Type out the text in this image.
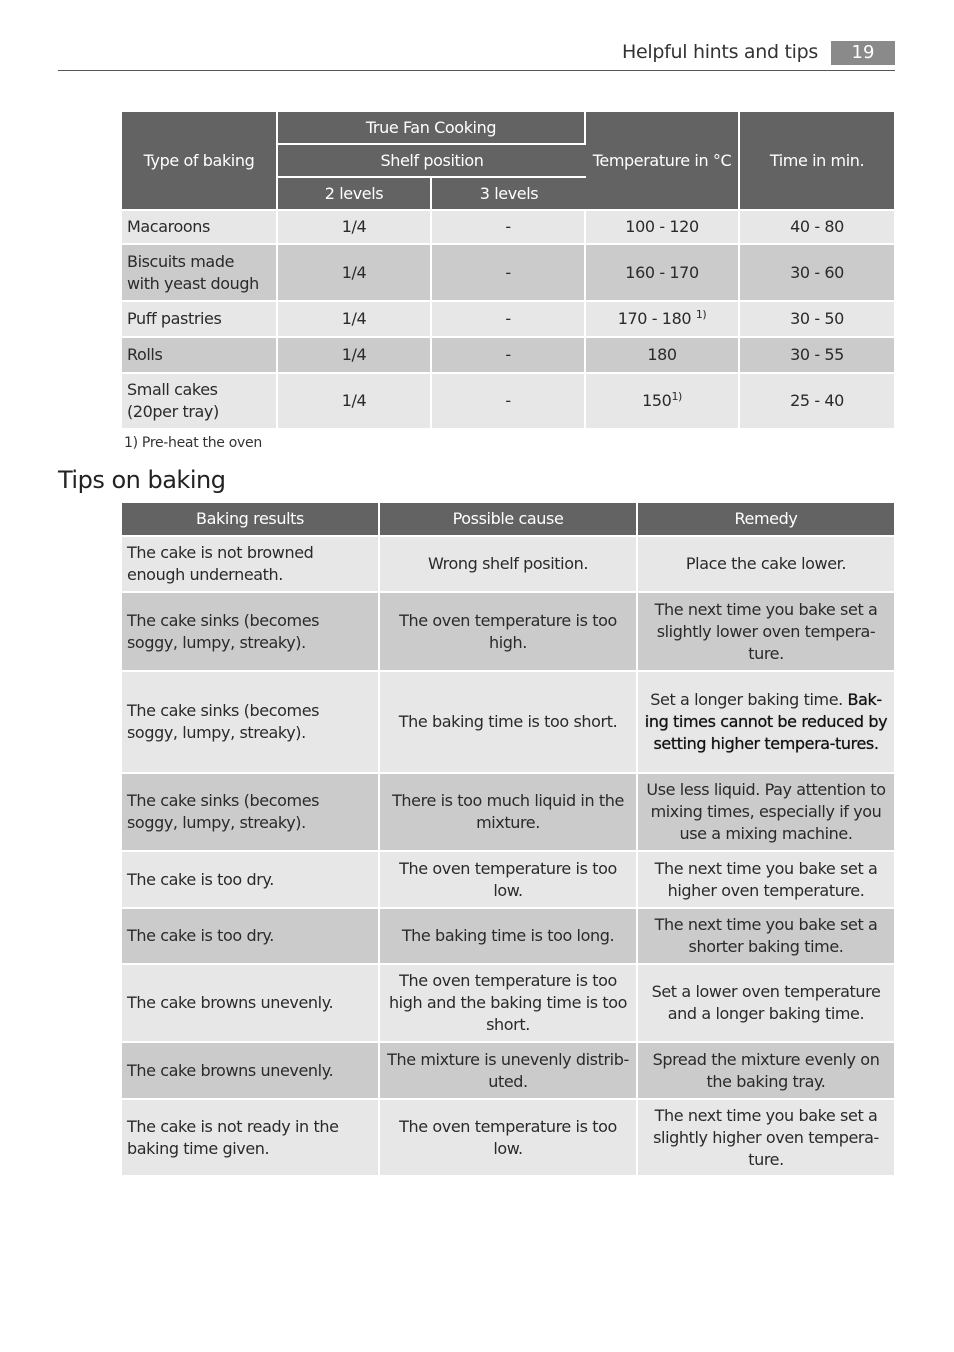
Helpful hints and tips	19
Type of baking	True Fan Cooking		Temperature in °C	Time in min.
	Shelf position			
	2 levels	3 levels		
Macaroons	1/4	-	100 - 120	40 - 80
Biscuits made with yeast dough	1/4	-	160 - 170	30 - 60
Puff pastries	1/4	-	170 - 180 $^{1)}$	30 - 50
Rolls	1/4	-	180	30 - 55
Small cakes (20per tray)	1/4	-	150$^{1)}$	25 - 40
1) Pre-heat the oven
Tips on baking
Baking results	Possible cause	Remedy
The cake is not browned enough underneath.	Wrong shelf position.	Place the cake lower.
The cake sinks (becomes soggy, lumpy, streaky).	The oven temperature is too high.	The next time you bake set a slightly lower oven tempera-ture.
The cake sinks (becomes soggy, lumpy, streaky).	The baking time is too short.	Set a longer baking time. Bak-ing times cannot be reduced by setting higher tempera-tures.
The cake sinks (becomes soggy, lumpy, streaky).	There is too much liquid in the mixture.	Use less liquid. Pay attention to mixing times, especially if you use a mixing machine.
The cake is too dry.	The oven temperature is too low.	The next time you bake set a higher oven temperature.
The cake is too dry.	The baking time is too long.	The next time you bake set a shorter baking time.
The cake browns unevenly.	The oven temperature is too high and the baking time is too short.	Set a lower oven temperature and a longer baking time.
The cake browns unevenly.	The mixture is unevenly distrib-uted.	Spread the mixture evenly on the baking tray.
The cake is not ready in the baking time given.	The oven temperature is too low.	The next time you bake set a slightly higher oven tempera-ture.
